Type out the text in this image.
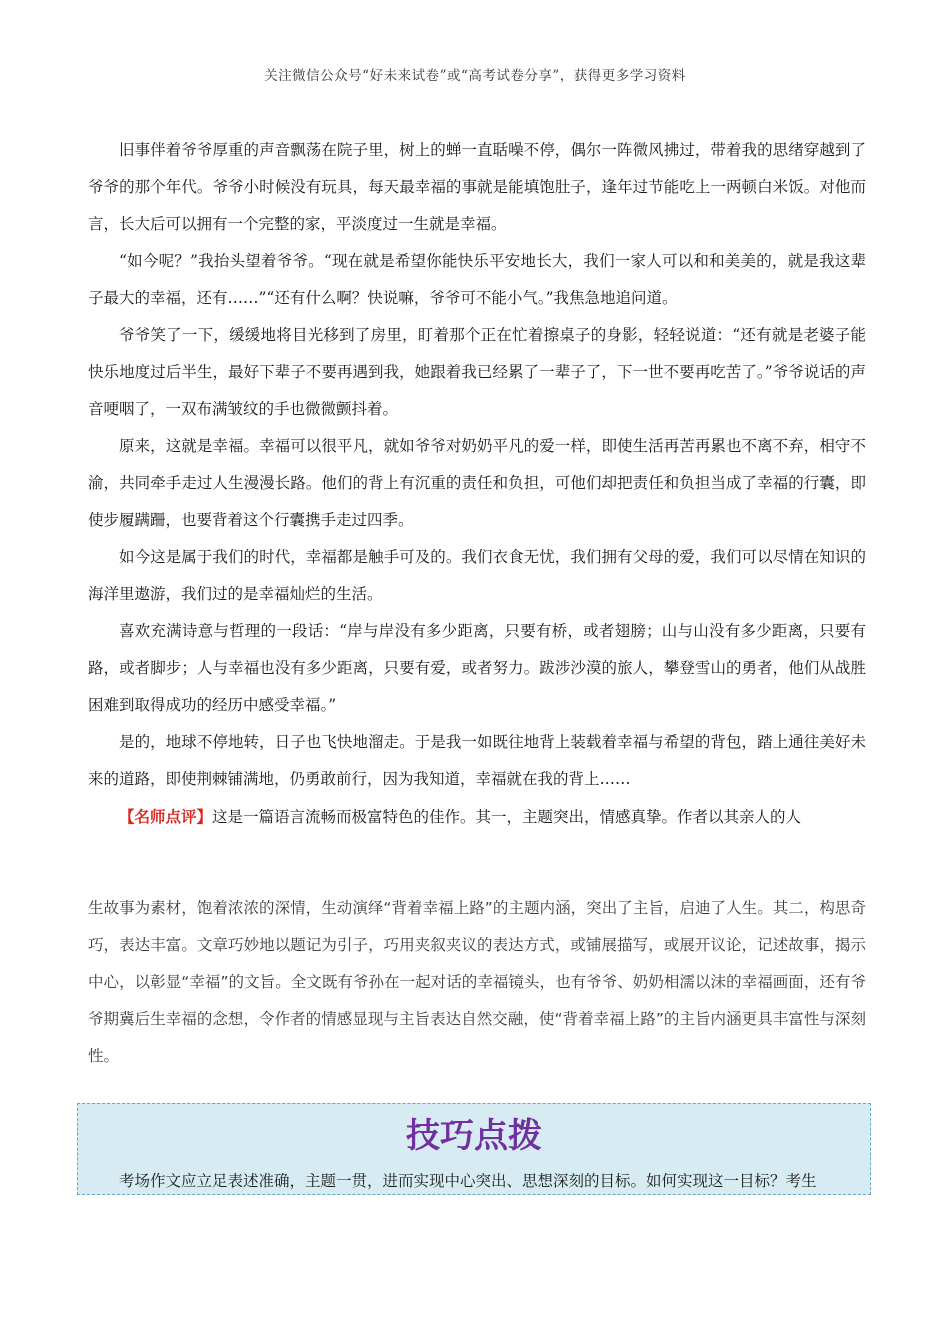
关注微信公众号“好未来试卷”或“高考试卷分享”，获得更多学习资料

旧事伴着爷爷厚重的声音飘荡在院子里，树上的蝉一直聒噪不停，偶尔一阵微风拂过，带着我的思绪穿越到了爷爷的那个年代。爷爷小时候没有玩具，每天最幸福的事就是能填饱肚子，逢年过节能吃上一两顿白米饭。对他而言，长大后可以拥有一个完整的家，平淡度过一生就是幸福。

“如今呢？”我抬头望着爷爷。“现在就是希望你能快乐平安地长大，我们一家人可以和和美美的，就是我这辈子最大的幸福，还有……”“还有什么啊？快说嘛，爷爷可不能小气。”我焦急地追问道。

爷爷笑了一下，缓缓地将目光移到了房里，盯着那个正在忙着擦桌子的身影，轻轻说道：“还有就是老婆子能快乐地度过后半生，最好下辈子不要再遇到我，她跟着我已经累了一辈子了，下一世不要再吃苦了。”爷爷说话的声音哽咽了，一双布满皱纹的手也微微颤抖着。

原来，这就是幸福。幸福可以很平凡，就如爷爷对奶奶平凡的爱一样，即使生活再苦再累也不离不弃，相守不渝，共同牵手走过人生漫漫长路。他们的背上有沉重的责任和负担，可他们却把责任和负担当成了幸福的行囊，即使步履蹒跚，也要背着这个行囊携手走过四季。

如今这是属于我们的时代，幸福都是触手可及的。我们衣食无忧，我们拥有父母的爱，我们可以尽情在知识的海洋里遨游，我们过的是幸福灿烂的生活。

喜欢充满诗意与哲理的一段话：“岸与岸没有多少距离，只要有桥，或者翅膀；山与山没有多少距离，只要有路，或者脚步；人与幸福也没有多少距离，只要有爱，或者努力。跋涉沙漠的旅人，攀登雪山的勇者，他们从战胜困难到取得成功的经历中感受幸福。”

是的，地球不停地转，日子也飞快地溜走。于是我一如既往地背上装载着幸福与希望的背包，踏上通往美好未来的道路，即使荆棘铺满地，仍勇敢前行，因为我知道，幸福就在我的背上……

【名师点评】这是一篇语言流畅而极富特色的佳作。其一，主题突出，情感真挚。作者以其亲人的人

生故事为素材，饱着浓浓的深情，生动演绎“背着幸福上路”的主题内涵，突出了主旨，启迪了人生。其二，构思奇巧，表达丰富。文章巧妙地以题记为引子，巧用夹叙夹议的表达方式，或铺展描写，或展开议论，记述故事，揭示中心，以彰显“幸福”的文旨。全文既有爷孙在一起对话的幸福镜头，也有爷爷、奶奶相濡以沫的幸福画面，还有爷爷期冀后生幸福的念想，令作者的情感显现与主旨表达自然交融，使“背着幸福上路”的主旨内涵更具丰富性与深刻性。
技巧点拨
考场作文应立足表述准确，主题一贯，进而实现中心突出、思想深刻的目标。如何实现这一目标？考生
